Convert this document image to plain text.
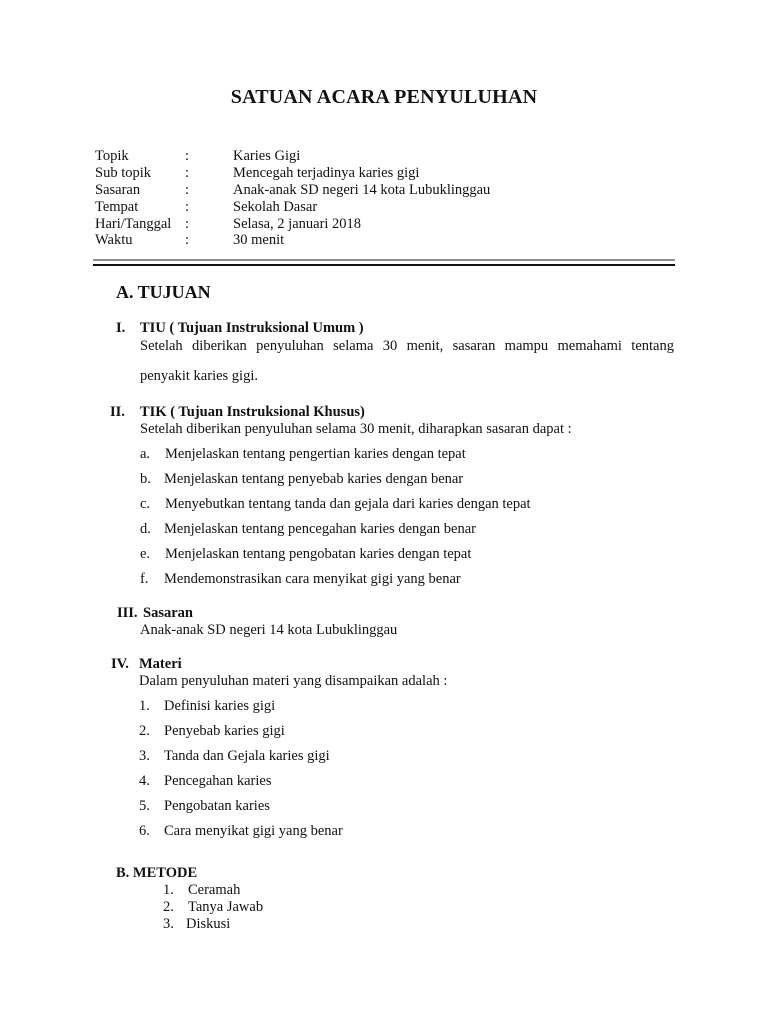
SATUAN ACARA PENYULUHAN
Topik	:	Karies Gigi
Sub topik :	Mencegah terjadinya karies gigi
Sasaran	:	Anak-anak SD negeri 14 kota Lubuklinggau
Tempat	:	Sekolah Dasar
Hari/Tanggal :	Selasa, 2 januari 2018
Waktu	:	30 menit
A. TUJUAN
I. TIU ( Tujuan Instruksional Umum )
Setelah diberikan penyuluhan selama 30 menit, sasaran mampu memahami tentang penyakit karies gigi.
II. TIK ( Tujuan Instruksional Khusus)
Setelah diberikan penyuluhan selama 30 menit, diharapkan sasaran dapat :
a. Menjelaskan tentang pengertian karies dengan tepat
b. Menjelaskan tentang penyebab karies dengan benar
c. Menyebutkan tentang tanda dan gejala dari karies dengan tepat
d. Menjelaskan tentang pencegahan karies dengan benar
e. Menjelaskan tentang pengobatan karies dengan tepat
f. Mendemonstrasikan cara menyikat gigi yang benar
III. Sasaran
Anak-anak SD negeri 14 kota Lubuklinggau
IV. Materi
Dalam penyuluhan materi yang disampaikan adalah :
1. Definisi karies gigi
2. Penyebab karies gigi
3. Tanda dan Gejala karies gigi
4. Pencegahan karies
5. Pengobatan karies
6. Cara menyikat gigi yang benar
B. METODE
1. Ceramah
2. Tanya Jawab
3. Diskusi
